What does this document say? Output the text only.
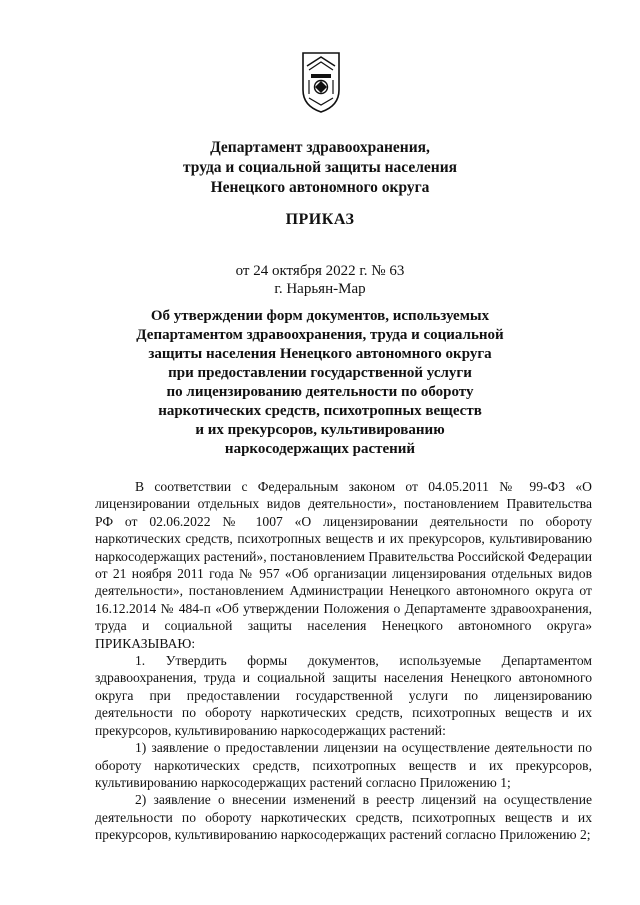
Департамент здравоохранения,
труда и социальной защиты населения
Ненецкого автономного округа
ПРИКАЗ
от 24 октября 2022 г. № 63
г. Нарьян-Мар
Об утверждении форм документов, используемых
Департаментом здравоохранения, труда и социальной
защиты населения Ненецкого автономного округа
при предоставлении государственной услуги
по лицензированию деятельности по обороту
наркотических средств, психотропных веществ
и их прекурсоров, культивированию
наркосодержащих растений

В соответствии с Федеральным законом от 04.05.2011 № 99-ФЗ «О лицензировании отдельных видов деятельности», постановлением Правительства РФ от 02.06.2022 № 1007 «О лицензировании деятельности по обороту наркотических средств, психотропных веществ и их прекурсоров, культивированию наркосодержащих растений», постановлением Правительства Российской Федерации от 21 ноября 2011 года № 957 «Об организации лицензирования отдельных видов деятельности», постановлением Администрации Ненецкого автономного округа от 16.12.2014 № 484-п «Об утверждении Положения о Департаменте здравоохранения, труда и социальной защиты населения Ненецкого автономного округа» ПРИКАЗЫВАЮ:

1. Утвердить формы документов, используемые Департаментом здравоохранения, труда и социальной защиты населения Ненецкого автономного округа при предоставлении государственной услуги по лицензированию деятельности по обороту наркотических средств, психотропных веществ и их прекурсоров, культивированию наркосодержащих растений:

1) заявление о предоставлении лицензии на осуществление деятельности по обороту наркотических средств, психотропных веществ и их прекурсоров, культивированию наркосодержащих растений согласно Приложению 1;

2) заявление о внесении изменений в реестр лицензий на осуществление деятельности по обороту наркотических средств, психотропных веществ и их прекурсоров, культивированию наркосодержащих растений согласно Приложению 2;
